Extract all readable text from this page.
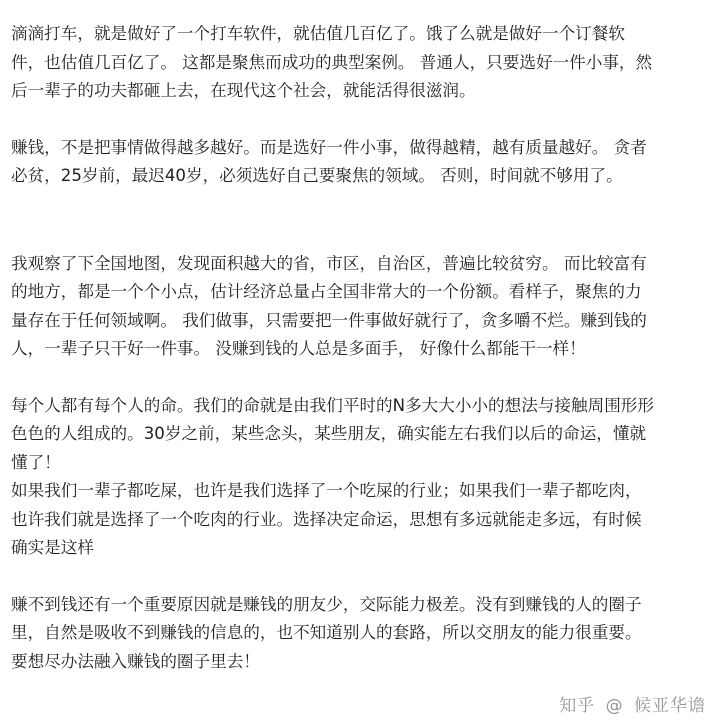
滴滴打车，就是做好了一个打车软件，就估值几百亿了。饿了么就是做好一个订餐软
件，也估值几百亿了。 这都是聚焦而成功的典型案例。 普通人，只要选好一件小事，然
后一辈子的功夫都砸上去，在现代这个社会，就能活得很滋润。
赚钱，不是把事情做得越多越好。而是选好一件小事，做得越精，越有质量越好。 贪者
必贫，25岁前，最迟40岁，必须选好自己要聚焦的领域。 否则，时间就不够用了。
我观察了下全国地图，发现面积越大的省，市区，自治区，普遍比较贫穷。 而比较富有
的地方，都是一个个小点，估计经济总量占全国非常大的一个份额。看样子，聚焦的力
量存在于任何领域啊。 我们做事，只需要把一件事做好就行了，贪多嚼不烂。赚到钱的
人，一辈子只干好一件事。 没赚到钱的人总是多面手， 好像什么都能干一样！
每个人都有每个人的命。我们的命就是由我们平时的N多大大小小的想法与接触周围形形
色色的人组成的。30岁之前，某些念头，某些朋友，确实能左右我们以后的命运，懂就
懂了！
如果我们一辈子都吃屎，也许是我们选择了一个吃屎的行业；如果我们一辈子都吃肉，
也许我们就是选择了一个吃肉的行业。选择决定命运，思想有多远就能走多远，有时候
确实是这样
赚不到钱还有一个重要原因就是赚钱的朋友少，交际能力极差。没有到赚钱的人的圈子
里，自然是吸收不到赚钱的信息的，也不知道别人的套路，所以交朋友的能力很重要。
要想尽办法融入赚钱的圈子里去！
知乎 @ 候亚华谵
